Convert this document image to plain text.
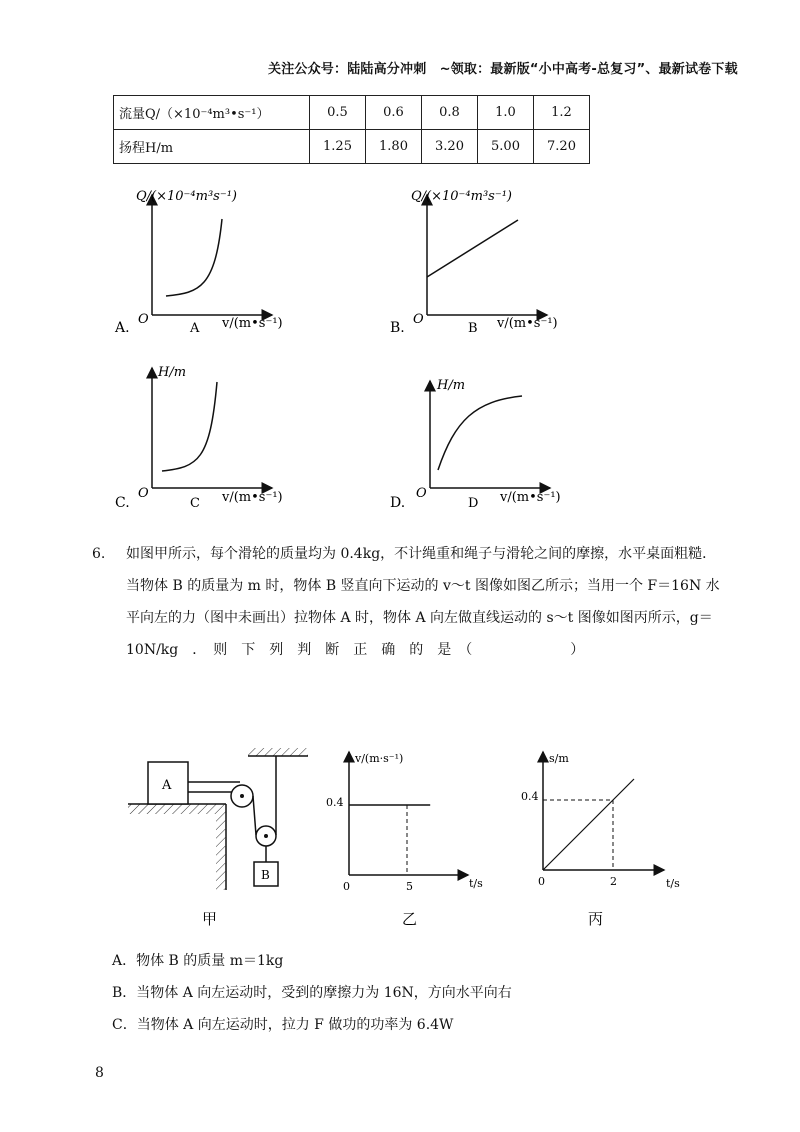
关注公众号：陆陆高分冲刺　~领取：最新版“小中高考-总复习”、最新试卷下载
流量Q/（×10⁻⁴m³•s⁻¹）	0.5	0.6	0.8	1.0	1.2
扬程H/m	1.25	1.80	3.20	5.00	7.20
Q/(×10⁻⁴m³s⁻¹)
O
A v/(m•s⁻¹)
A.
Q/(×10⁻⁴m³s⁻¹)
O
B v/(m•s⁻¹)
B.
H/m
O
C v/(m•s⁻¹)
C.
H/m
O
D v/(m•s⁻¹)
D.
6. 如图甲所示，每个滑轮的质量均为 0.4kg，不计绳重和绳子与滑轮之间的摩擦，水平桌面粗糙．
当物体 B 的质量为 m 时，物体 B 竖直向下运动的 v～t 图像如图乙所示；当用一个 F＝16N 水
平向左的力（图中未画出）拉物体 A 时，物体 A 向左做直线运动的 s～t 图像如图丙所示，g＝
10N/kg　．　则　下　列　判　断　正　确　的　是　（　　　　　　　）
A
B
甲
v/(m·s⁻¹)
0.4
0	5	t/s
乙
s/m
0.4
0	2	t/s
丙
A．物体 B 的质量 m＝1kg
B．当物体 A 向左运动时，受到的摩擦力为 16N，方向水平向右
C．当物体 A 向左运动时，拉力 F 做功的功率为 6.4W
8
